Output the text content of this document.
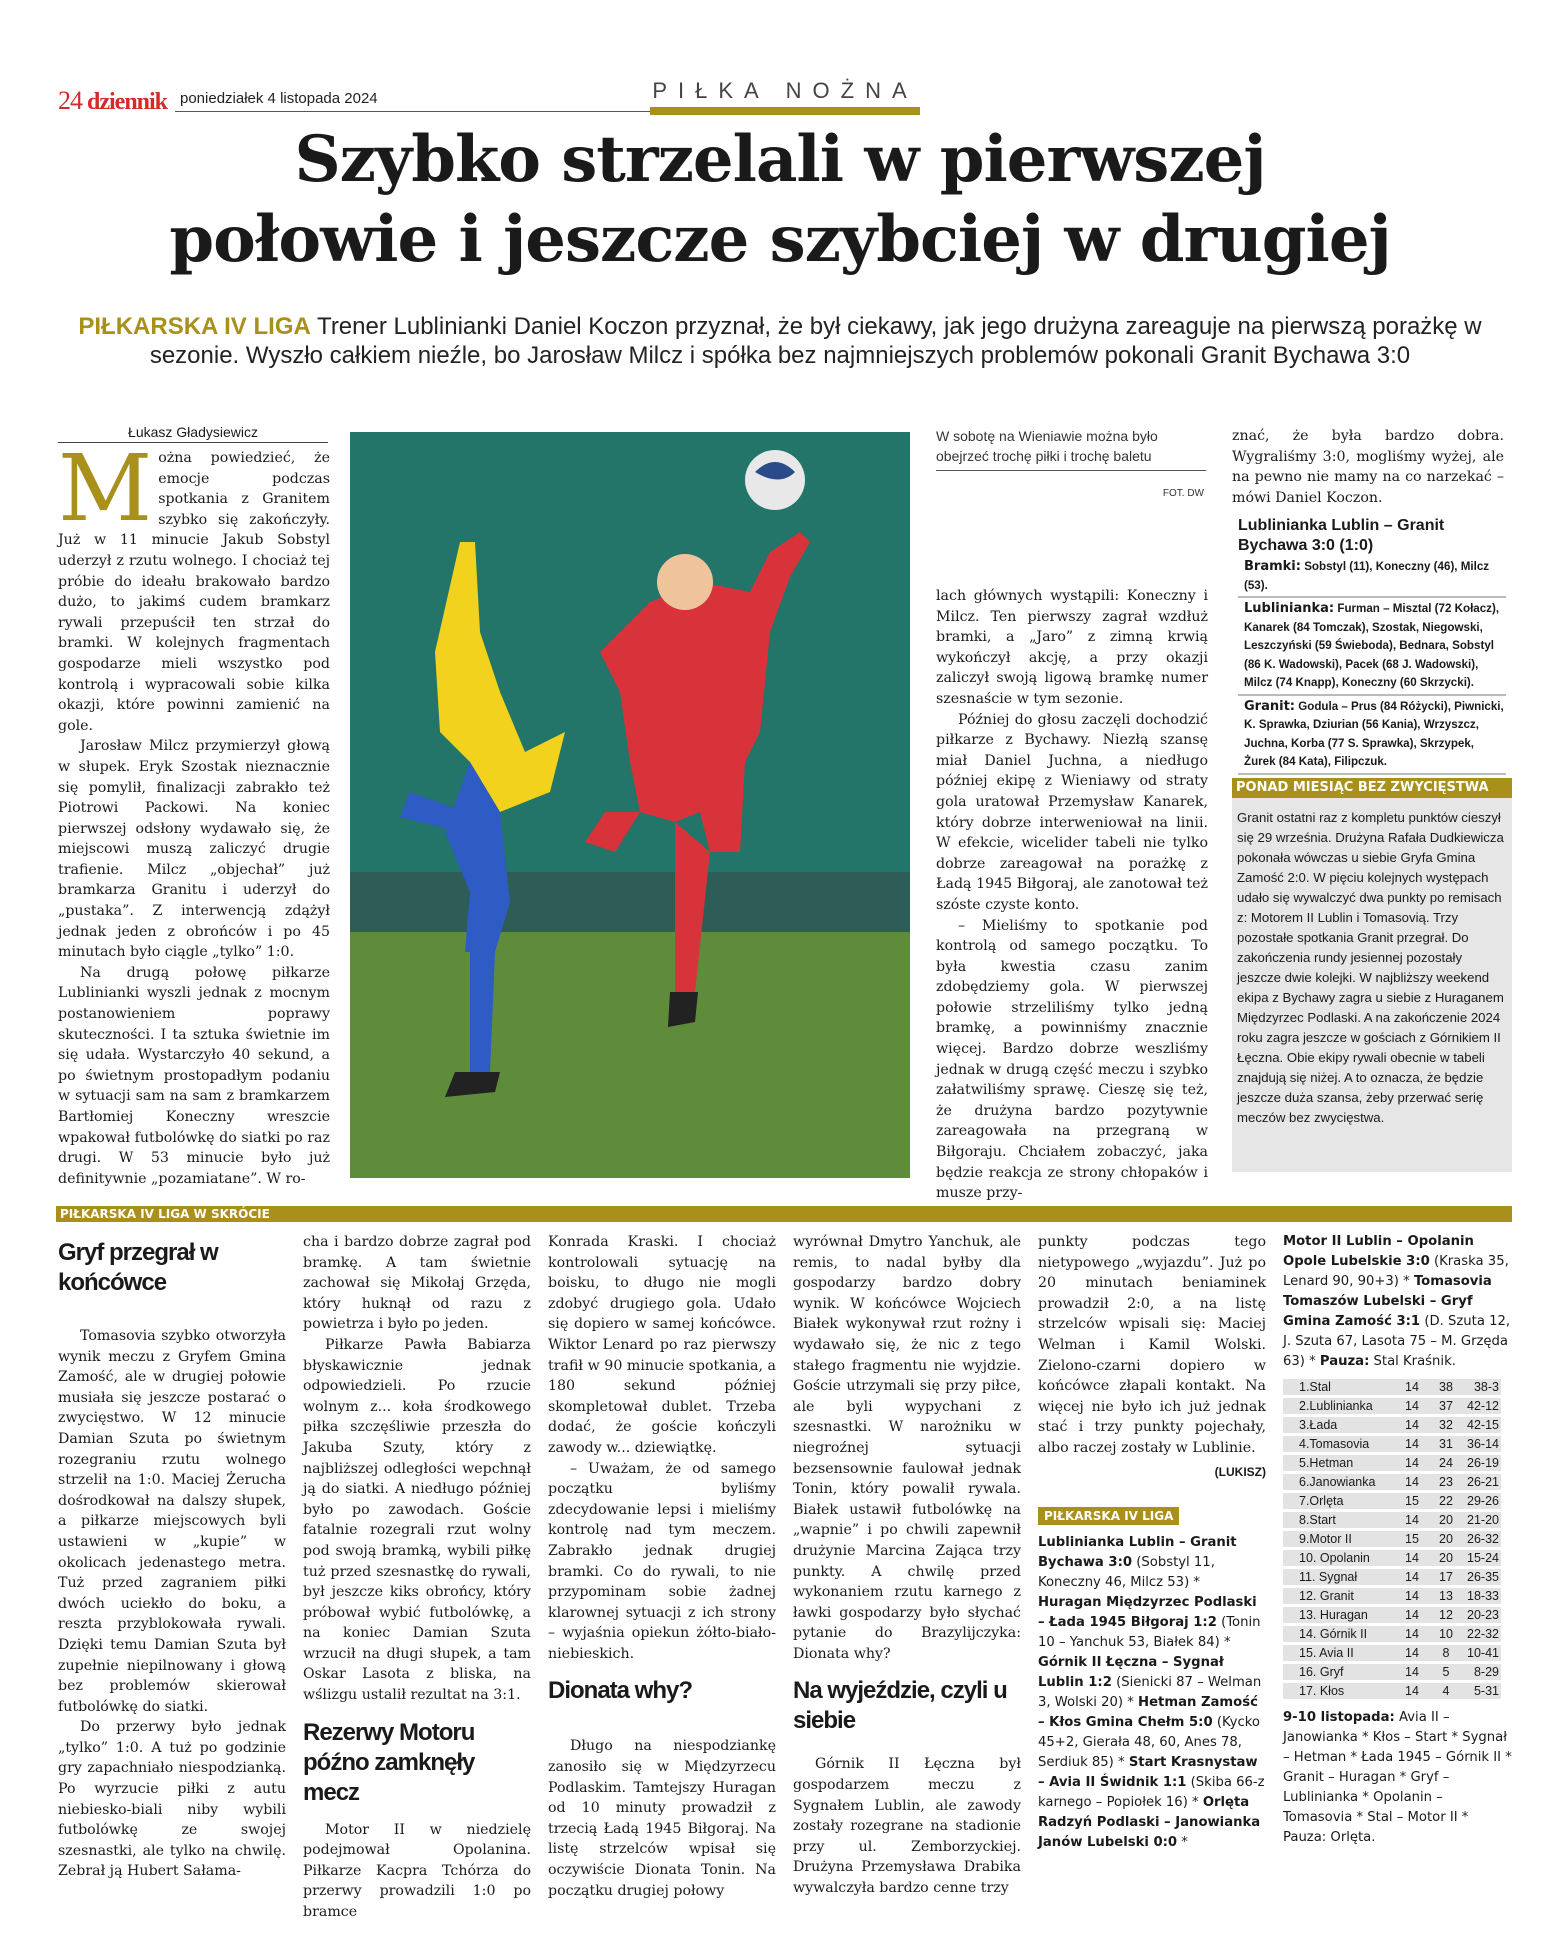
24 dziennik poniedziałek 4 listopada 2024	PIŁKA NOŻNA
Szybko strzelali w pierwszej
połowie i jeszcze szybciej w drugiej
PIŁKARSKA IV LIGA Trener Lublinianki Daniel Koczon przyznał, że był ciekawy, jak jego drużyna zareaguje na pierwszą porażkę w sezonie. Wyszło całkiem nieźle, bo Jarosław Milcz i spółka bez najmniejszych problemów pokonali Granit Bychawa 3:0
Łukasz Gładysiewicz

Można powiedzieć, że emocje podczas spotkania z Granitem szybko się zakończyły. Już w 11 minucie Jakub Sobstyl uderzył z rzutu wolnego. I chociaż tej próbie do ideału brakowało bardzo dużo, to jakimś cudem bramkarz rywali przepuścił ten strzał do bramki. W kolejnych fragmentach gospodarze mieli wszystko pod kontrolą i wypracowali sobie kilka okazji, które powinni zamienić na gole.

Jarosław Milcz przymierzył głową w słupek. Eryk Szostak nieznacznie się pomylił, finalizacji zabrakło też Piotrowi Packowi. Na koniec pierwszej odsłony wydawało się, że miejscowi muszą zaliczyć drugie trafienie. Milcz „objechał” już bramkarza Granitu i uderzył do „pustaka”. Z interwencją zdążył jednak jeden z obrońców i po 45 minutach było ciągle „tylko” 1:0.

Na drugą połowę piłkarze Lublinianki wyszli jednak z mocnym postanowieniem poprawy skuteczności. I ta sztuka świetnie im się udała. Wystarczyło 40 sekund, a po świetnym prostopadłym podaniu w sytuacji sam na sam z bramkarzem Bartłomiej Koneczny wreszcie wpakował futbolówkę do siatki po raz drugi. W 53 minucie było już definitywnie „pozamiatane”. W ro-

W sobotę na Wieniawie można było obejrzeć trochę piłki i trochę baletu
FOT. DW

lach głównych wystąpili: Koneczny i Milcz. Ten pierwszy zagrał wzdłuż bramki, a „Jaro” z zimną krwią wykończył akcję, a przy okazji zaliczył swoją ligową bramkę numer szesnaście w tym sezonie.

Później do głosu zaczęli dochodzić piłkarze z Bychawy. Niezłą szansę miał Daniel Juchna, a niedługo później ekipę z Wieniawy od straty gola uratował Przemysław Kanarek, który dobrze interweniował na linii. W efekcie, wicelider tabeli nie tylko dobrze zareagował na porażkę z Ładą 1945 Biłgoraj, ale zanotował też szóste czyste konto.

– Mieliśmy to spotkanie pod kontrolą od samego początku. To była kwestia czasu zanim zdobędziemy gola. W pierwszej połowie strzeliliśmy tylko jedną bramkę, a powinniśmy znacznie więcej. Bardzo dobrze weszliśmy jednak w drugą część meczu i szybko załatwiliśmy sprawę. Cieszę się też, że drużyna bardzo pozytywnie zareagowała na przegraną w Biłgoraju. Chciałem zobaczyć, jaka będzie reakcja ze strony chłopaków i musze przy-

znać, że była bardzo dobra. Wygraliśmy 3:0, mogliśmy wyżej, ale na pewno nie mamy na co narzekać – mówi Daniel Koczon.

Lublinianka Lublin – Granit Bychawa 3:0 (1:0)
Bramki: Sobstyl (11), Koneczny (46), Milcz (53).
Lublinianka: Furman – Misztal (72 Kołacz), Kanarek (84 Tomczak), Szostak, Niegowski, Leszczyński (59 Świeboda), Bednara, Sobstyl (86 K. Wadowski), Pacek (68 J. Wadowski), Milcz (74 Knapp), Koneczny (60 Skrzycki).
Granit: Godula – Prus (84 Różycki), Piwnicki, K. Sprawka, Dziurian (56 Kania), Wrzyszcz, Juchna, Korba (77 S. Sprawka), Skrzypek, Żurek (84 Kata), Filipczuk.
PONAD MIESIĄC BEZ ZWYCIĘSTWA
Granit ostatni raz z kompletu punktów cieszył się 29 września. Drużyna Rafała Dudkiewicza pokonała wówczas u siebie Gryfa Gmina Zamość 2:0. W pięciu kolejnych występach udało się wywalczyć dwa punkty po remisach z: Motorem II Lublin i Tomasovią. Trzy pozostałe spotkania Granit przegrał. Do zakończenia rundy jesiennej pozostały jeszcze dwie kolejki. W najbliższy weekend ekipa z Bychawy zagra u siebie z Huraganem Międzyrzec Podlaski. A na zakończenie 2024 roku zagra jeszcze w gościach z Górnikiem II Łęczna. Obie ekipy rywali obecnie w tabeli znajdują się niżej. A to oznacza, że będzie jeszcze duża szansa, żeby przerwać serię meczów bez zwycięstwa.
PIŁKARSKA IV LIGA W SKRÓCIE
Gryf przegrał w końcówce

Tomasovia szybko otworzyła wynik meczu z Gryfem Gmina Zamość, ale w drugiej połowie musiała się jeszcze postarać o zwycięstwo. W 12 minucie Damian Szuta po świetnym rozegraniu rzutu wolnego strzelił na 1:0. Maciej Żerucha dośrodkował na dalszy słupek, a piłkarze miejscowych byli ustawieni w „kupie” w okolicach jedenastego metra. Tuż przed zagraniem piłki dwóch uciekło do boku, a reszta przyblokowała rywali. Dzięki temu Damian Szuta był zupełnie niepilnowany i głową bez problemów skierował futbolówkę do siatki.

Do przerwy było jednak „tylko” 1:0. A tuż po godzinie gry zapachniało niespodzianką. Po wyrzucie piłki z autu niebiesko-biali niby wybili futbolówkę ze swojej szesnastki, ale tylko na chwilę. Zebrał ją Hubert Sałama-

cha i bardzo dobrze zagrał pod bramkę. A tam świetnie zachował się Mikołaj Grzęda, który huknął od razu z powietrza i było po jeden.

Piłkarze Pawła Babiarza błyskawicznie jednak odpowiedzieli. Po rzucie wolnym z... koła środkowego piłka szczęśliwie przeszła do Jakuba Szuty, który z najbliższej odległości wepchnął ją do siatki. A niedługo później było po zawodach. Goście fatalnie rozegrali rzut wolny pod swoją bramką, wybili piłkę tuż przed szesnastkę do rywali, był jeszcze kiks obrońcy, który próbował wybić futbolówkę, a na koniec Damian Szuta wrzucił na długi słupek, a tam Oskar Lasota z bliska, na wślizgu ustalił rezultat na 3:1.

Rezerwy Motoru późno zamknęły mecz

Motor II w niedzielę podejmował Opolanina. Piłkarze Kacpra Tchórza do przerwy prowadzili 1:0 po bramce

Konrada Kraski. I chociaż kontrolowali sytuację na boisku, to długo nie mogli zdobyć drugiego gola. Udało się dopiero w samej końcówce. Wiktor Lenard po raz pierwszy trafił w 90 minucie spotkania, a 180 sekund później skompletował dublet. Trzeba dodać, że goście kończyli zawody w... dziewiątkę.

– Uważam, że od samego początku byliśmy zdecydowanie lepsi i mieliśmy kontrolę nad tym meczem. Zabrakło jednak drugiej bramki. Co do rywali, to nie przypominam sobie żadnej klarownej sytuacji z ich strony – wyjaśnia opiekun żółto-biało-niebieskich.

Dionata why?

Długo na niespodziankę zanosiło się w Międzyrzecu Podlaskim. Tamtejszy Huragan od 10 minuty prowadził z trzecią Ładą 1945 Biłgoraj. Na listę strzelców wpisał się oczywiście Dionata Tonin. Na początku drugiej połowy

wyrównał Dmytro Yanchuk, ale remis, to nadal byłby dla gospodarzy bardzo dobry wynik. W końcówce Wojciech Białek wykonywał rzut rożny i wydawało się, że nic z tego stałego fragmentu nie wyjdzie. Goście utrzymali się przy piłce, ale byli wypychani z szesnastki. W narożniku w niegroźnej sytuacji bezsensownie faulował jednak Tonin, który powalił rywala. Białek ustawił futbolówkę na „wapnie” i po chwili zapewnił drużynie Marcina Zająca trzy punkty. A chwilę przed wykonaniem rzutu karnego z ławki gospodarzy było słychać pytanie do Brazylijczyka: Dionata why?

Na wyjeździe, czyli u siebie

Górnik II Łęczna był gospodarzem meczu z Sygnałem Lublin, ale zawody zostały rozegrane na stadionie przy ul. Zemborzyckiej. Drużyna Przemysława Drabika wywalczyła bardzo cenne trzy

punkty podczas tego nietypowego „wyjazdu”. Już po 20 minutach beniaminek prowadził 2:0, a na listę strzelców wpisali się: Maciej Welman i Kamil Wolski. Zielono-czarni dopiero w końcówce złapali kontakt. Na więcej nie było ich już jednak stać i trzy punkty pojechały, albo raczej zostały w Lublinie.

(LUKISZ)
PIŁKARSKA IV LIGA
Lublinianka Lublin – Granit Bychawa 3:0 (Sobstyl 11, Koneczny 46, Milcz 53) * Huragan Międzyrzec Podlaski – Łada 1945 Biłgoraj 1:2 (Tonin 10 – Yanchuk 53, Białek 84) * Górnik II Łęczna – Sygnał Lublin 1:2 (Sienicki 87 – Welman 3, Wolski 20) * Hetman Zamość – Kłos Gmina Chełm 5:0 (Kycko 45+2, Gierała 48, 60, Anes 78, Serdiuk 85) * Start Krasnystaw – Avia II Świdnik 1:1 (Skiba 66-z karnego – Popiołek 16) * Orlęta Radzyń Podlaski – Janowianka Janów Lubelski 0:0 *
Motor II Lublin – Opolanin Opole Lubelskie 3:0 (Kraska 35, Lenard 90, 90+3) * Tomasovia Tomaszów Lubelski – Gryf Gmina Zamość 3:1 (D. Szuta 12, J. Szuta 67, Lasota 75 – M. Grzęda 63) * Pauza: Stal Kraśnik.
1.Stal	14	38	38-3
2.Lublinianka	14	37	42-12
3.Łada	14	32	42-15
4.Tomasovia	14	31	36-14
5.Hetman	14	24	26-19
6.Janowianka	14	23	26-21
7.Orlęta	15	22	29-26
8.Start	14	20	21-20
9.Motor II	15	20	26-32
10. Opolanin	14	20	15-24
11. Sygnał	14	17	26-35
12. Granit	14	13	18-33
13. Huragan	14	12	20-23
14. Górnik II	14	10	22-32
15. Avia II	14	8	10-41
16. Gryf	14	5	8-29
17. Kłos	14	4	5-31
9-10 listopada: Avia II – Janowianka * Kłos – Start * Sygnał – Hetman * Łada 1945 – Górnik II * Granit – Huragan * Gryf – Lublinianka * Opolanin – Tomasovia * Stal – Motor II * Pauza: Orlęta.
